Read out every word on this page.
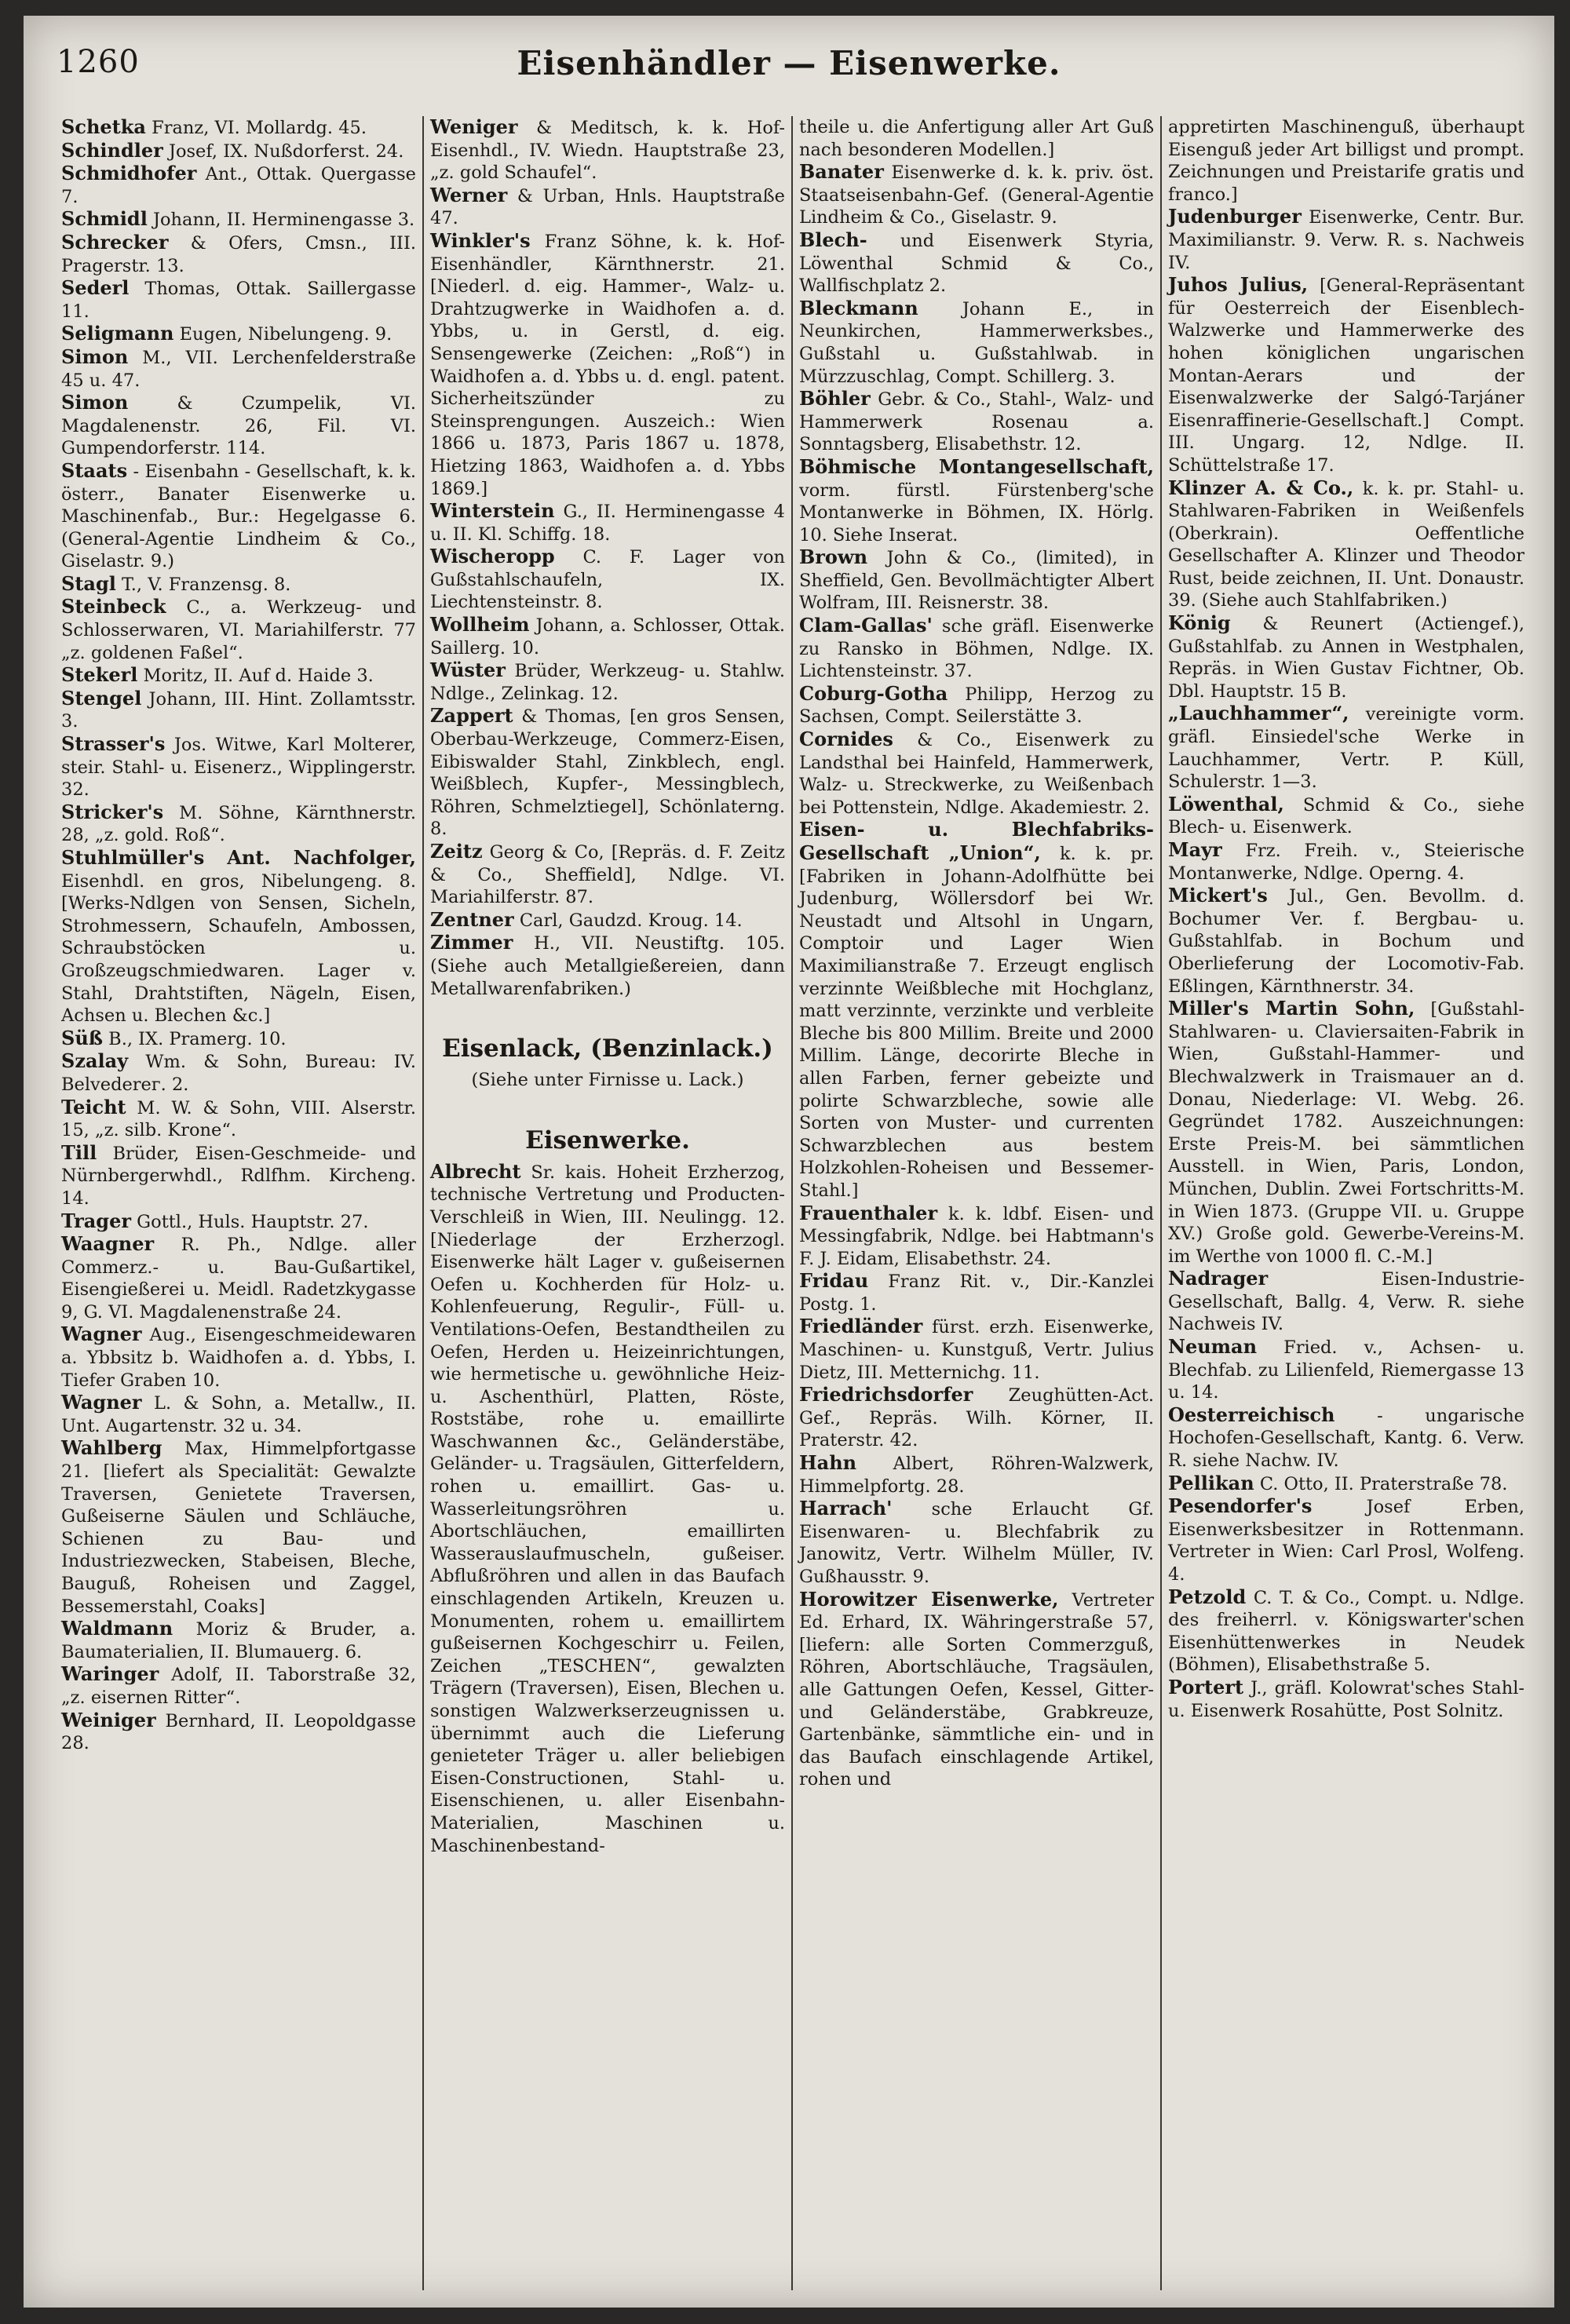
1260	Eisenhändler — Eisenwerke.

Schetka Franz, VI. Mollardg. 45.

Schindler Josef, IX. Nußdorferst. 24.

Schmidhofer Ant., Ottak. Quergasse 7.

Schmidl Johann, II. Herminengasse 3.

Schrecker & Ofers, Cmsn., III. Pragerstr. 13.

Sederl Thomas, Ottak. Saillergasse 11.

Seligmann Eugen, Nibelungeng. 9.

Simon M., VII. Lerchenfelderstraße 45 u. 47.

Simon	& Czumpelik, VI. Magdalenenstr. 26, Fil. VI. Gumpendorferstr. 114.

Staats - Eisenbahn - Gesellschaft, k. k. österr., Banater Eisenwerke u. Maschinenfab., Bur.: Hegelgasse 6. (General-Agentie Lindheim & Co., Giselastr. 9.)

Stagl T., V. Franzensg. 8.

Steinbeck C., a. Werkzeug- und Schlosserwaren, VI. Mariahilferstr. 77 „z. goldenen Faßel“.

Stekerl Moritz, II. Auf d. Haide 3.

Stengel Johann, III. Hint. Zollamtsstr. 3.

Strasser's Jos. Witwe, Karl Molterer, steir. Stahl- u. Eisenerz., Wipplingerstr. 32.

Stricker's M. Söhne, Kärnthnerstr. 28, „z. gold. Roß“.

Stuhlmüller's Ant. Nachfolger, Eisenhdl. en gros, Nibelungeng. 8. [Werks-Ndlgen von Sensen, Sicheln, Strohmessern, Schaufeln, Ambossen, Schraubstöcken u. Großzeugschmiedwaren. Lager v. Stahl, Drahtstiften, Nägeln, Eisen, Achsen u. Blechen &c.]

Süß B., IX. Pramerg. 10.

Szalay Wm. & Sohn, Bureau: IV. Belvederег. 2.

Teicht M. W. & Sohn, VIII. Alserstr. 15, „z. silb. Krone“.

Till Brüder, Eisen-Geschmeide- und Nürnbergerwhdl., Rdlfhm. Kircheng. 14.

Trager Gottl., Huls. Hauptstr. 27.

Waagner R. Ph., Ndlge. aller Commerz.- u. Bau-Gußartikel, Eisengießerei u. Meidl. Radetzkygasse 9, G. VI. Magdalenenstraße 24.

Wagner Aug., Eisengeschmeidewaren a. Ybbsitz b. Waidhofen a. d. Ybbs, I. Tiefer Graben 10.

Wagner L. & Sohn, a. Metallw., II. Unt. Augartenstr. 32 u. 34.

Wahlberg Max, Himmelpfortgasse 21. [liefert als Specialität: Gewalzte Traversen, Genietete Traversen, Gußeiserne Säulen und Schläuche, Schienen zu Bau- und Industriezwecken, Stabeisen, Bleche, Bauguß, Roheisen und Zaggel, Bessemerstahl, Coaks]

Waldmann Moriz & Bruder, a. Baumaterialien, II. Blumauerg. 6.

Waringer Adolf, II. Taborstraße 32, „z. eisernen Ritter“.

Weiniger Bernhard, II. Leopoldgasse 28.

Weniger & Meditsch, k. k. Hof-Eisenhdl., IV. Wiedn. Hauptstraße 23, „z. gold Schaufel“.

Werner & Urban, Hnls. Hauptstraße 47.

Winkler's Franz Söhne, k. k. Hof-Eisenhändler, Kärnthnerstr. 21. [Niederl. d. eig. Hammer-, Walz- u. Drahtzugwerke in Waidhofen a. d. Ybbs, u. in Gerstl, d. eig. Sensengewerke (Zeichen: „Roß“) in Waidhofen a. d. Ybbs u. d. engl. patent. Sicherheitszünder zu Steinsprengungen. Auszeich.: Wien 1866 u. 1873, Paris 1867 u. 1878, Hietzing 1863, Waidhofen a. d. Ybbs 1869.]

Winterstein G., II. Herminengasse 4 u. II. Kl. Schiffg. 18.

Wischeropp C. F. Lager von Gußstahlschaufeln, IX. Liechtensteinstr. 8.

Wollheim Johann, a. Schlosser, Ottak. Saillerg. 10.

Wüster Brüder, Werkzeug- u. Stahlw. Ndlge., Zelinkag. 12.

Zappert & Thomas, [en gros Sensen, Oberbau-Werkzeuge, Commerz-Eisen, Eibiswalder Stahl, Zinkblech, engl. Weißblech, Kupfer-, Messingblech, Röhren, Schmelztiegel], Schönlaterng. 8.

Zeitz Georg & Co, [Repräs. d. F. Zeitz & Co., Sheffield], Ndlge. VI. Mariahilferstr. 87.

Zentner Carl, Gaudzd. Kroug. 14.

Zimmer H., VII. Neustiftg. 105. (Siehe auch Metallgießereien, dann Metallwarenfabriken.)

Eisenlack, (Benzinlack.)
(Siehe unter Firnisse u. Lack.)
Eisenwerke.

Albrecht Sr. kais. Hoheit Erzherzog, technische Vertretung und Producten-Verschleiß in Wien, III. Neulingg. 12. [Niederlage der Erzherzogl. Eisenwerke hält Lager v. gußeisernen Oefen u. Kochherden für Holz- u. Kohlenfeuerung, Regulir-, Füll- u. Ventilations-Oefen, Bestandtheilen zu Oefen, Herden u. Heizeinrichtungen, wie hermetische u. gewöhnliche Heiz- u. Aschenthürl, Platten, Röste, Roststäbe, rohe u. emaillirte Waschwannen &c., Geländerstäbe, Geländer- u. Tragsäulen, Gitterfeldern, rohen u. emaillirt. Gas- u. Wasserleitungsröhren u. Abortschläuchen, emaillirten Wasserauslaufmuscheln, gußeiser. Abflußröhren und allen in das Baufach einschlagenden Artikeln, Kreuzen u. Monumenten, rohem u. emaillirtem gußeisernen Kochgeschirr u. Feilen, Zeichen „TESCHEN“, gewalzten Trägern (Traversen), Eisen, Blechen u. sonstigen Walzwerkserzeugnissen u. übernimmt auch die Lieferung genieteter Träger u. aller beliebigen Eisen-Constructionen, Stahl- u. Eisenschienen, u. aller Eisenbahn-Materialien, Maschinen u. Maschinenbestand-

theile u. die Anfertigung aller Art Guß nach besonderen Modellen.]

Banater Eisenwerke d. k. k. priv. öst. Staatseisenbahn-Gef. (General-Agentie Lindheim & Co., Giselastr. 9.

Blech- und Eisenwerk Styria, Löwenthal Schmid & Co., Wallfischplatz 2.

Bleckmann Johann E., in Neunkirchen, Hammerwerksbes., Gußstahl u. Gußstahlwab. in Mürzzuschlag, Compt. Schillerg. 3.

Böhler Gebr. & Co., Stahl-, Walz- und Hammerwerk Rosenau a. Sonntagsberg, Elisabethstr. 12.

Böhmische Montangesellschaft, vorm. fürstl. Fürstenberg'sche Montanwerke in Böhmen, IX. Hörlg. 10. Siehe Inserat.

Brown John & Co., (limited), in Sheffield, Gen. Bevollmächtigter Albert Wolfram, III. Reisnerstr. 38.

Clam-Gallas' sche gräfl. Eisenwerke zu Ransko in Böhmen, Ndlge. IX. Lichtensteinstr. 37.

Coburg-Gotha Philipp, Herzog zu Sachsen, Compt. Seilerstätte 3.

Cornides & Co., Eisenwerk zu Landsthal bei Hainfeld, Hammerwerk, Walz- u. Streckwerke, zu Weißenbach bei Pottenstein, Ndlge. Akademiestr. 2.

Eisen- u. Blechfabriks-Gesellschaft „Union“, k. k. pr. [Fabriken in Johann-Adolfhütte bei Judenburg, Wöllersdorf bei Wr. Neustadt und Altsohl in Ungarn, Comptoir und Lager Wien Maximilianstraße 7. Erzeugt englisch verzinnte Weißbleche mit Hochglanz, matt verzinnte, verzinkte und verbleite Bleche bis 800 Millim. Breite und 2000 Millim. Länge, decorirte Bleche in allen Farben, ferner gebeizte und polirte Schwarzbleche, sowie alle Sorten von Muster- und currenten Schwarzblechen aus bestem Holzkohlen-Roheisen und Bessemer-Stahl.]

Frauenthaler k. k. ldbf. Eisen- und Messingfabrik, Ndlge. bei Habtmann's F. J. Eidam, Elisabethstr. 24.

Fridau Franz Rit. v., Dir.-Kanzlei Postg. 1.

Friedländer fürst. erzh. Eisenwerke, Maschinen- u. Kunstguß, Vertr. Julius Dietz, III. Metternichg. 11.

Friedrichsdorfer Zeughütten-Act. Gef., Repräs. Wilh. Körner, II. Praterstr. 42.

Hahn Albert, Röhren-Walzwerk, Himmelpfortg. 28.

Harrach' sche Erlaucht Gf. Eisenwaren- u. Blechfabrik zu Janowitz, Vertr. Wilhelm Müller, IV. Gußhausstr. 9.

Horowitzer Eisenwerke, Vertreter Ed. Erhard, IX. Währingerstraße 57, [liefern: alle Sorten Commerzguß, Röhren, Abortschläuche, Tragsäulen, alle Gattungen Oefen, Kessel, Gitter- und Geländerstäbe, Grabkreuze, Gartenbänke, sämmtliche ein- und in das Baufach einschlagende Artikel, rohen und

appretirten Maschinenguß, überhaupt Eisenguß jeder Art billigst und prompt. Zeichnungen und Preistarife gratis und franco.]

Judenburger Eisenwerke, Centr. Bur. Maximilianstr. 9. Verw. R. s. Nachweis IV.

Juhos Julius, [General-Repräsentant für Oesterreich der Eisenblech-Walzwerke und Hammerwerke des hohen königlichen ungarischen Montan-Aerars und der Eisenwalzwerke der Salgó-Tarjáner Eisenraffinerie-Gesellschaft.] Compt. III. Ungarg. 12, Ndlge. II. Schüttelstraße 17.

Klinzer A. & Co., k. k. pr. Stahl- u. Stahlwaren-Fabriken in Weißenfels (Oberkrain). Oeffentliche Gesellschafter A. Klinzer und Theodor Rust, beide zeichnen, II. Unt. Donaustr. 39. (Siehe auch Stahlfabriken.)

König & Reunert (Actiengef.), Gußstahlfab. zu Annen in Westphalen, Repräs. in Wien Gustav Fichtner, Ob. Dbl. Hauptstr. 15 B.

„Lauchhammer“, vereinigte vorm. gräfl. Einsiedel'sche Werke in Lauchhammer, Vertr. P. Küll, Schulerstr. 1—3.

Löwenthal, Schmid & Co., siehe Blech- u. Eisenwerk.

Mayr Frz. Freih. v., Steierische Montanwerke, Ndlge. Operng. 4.

Mickert's Jul., Gen. Bevollm. d. Bochumer Ver. f. Bergbau- u. Gußstahlfab. in Bochum und Oberlieferung der Locomotiv-Fab. Eßlingen, Kärnthnerstr. 34.

Miller's Martin Sohn, [Gußstahl-Stahlwaren- u. Claviersaiten-Fabrik in Wien, Gußstahl-Hammer- und Blechwalzwerk in Traismauer an d. Donau, Niederlage: VI. Webg. 26. Gegründet 1782. Auszeichnungen: Erste Preis-M. bei sämmtlichen Ausstell. in Wien, Paris, London, München, Dublin. Zwei Fortschritts-M. in Wien 1873. (Gruppe VII. u. Gruppe XV.) Große gold. Gewerbe-Vereins-M. im Werthe von 1000 fl. C.-M.]

Nadrager	Eisen-Industrie-Gesellschaft, Ballg. 4, Verw. R. siehe Nachweis IV.

Neuman Fried. v., Achsen- u. Blechfab. zu Lilienfeld, Riemergasse 13 u. 14.

Oesterreichisch - ungarische Hochofen-Gesellschaft, Kantg. 6. Verw. R. siehe Nachw. IV.

Pellikan C. Otto, II. Praterstraße 78.

Pesendorfer's	Josef Erben, Eisenwerksbesitzer in Rottenmann. Vertreter in Wien: Carl Prosl, Wolfeng. 4.

Petzold C. T. & Co., Compt. u. Ndlge. des freiherrl. v. Königswarter'schen Eisenhüttenwerkes in Neudek (Böhmen), Elisabethstraße 5.

Portert J., gräfl. Kolowrat'sches Stahl- u. Eisenwerk Rosahütte, Post Solnitz.
